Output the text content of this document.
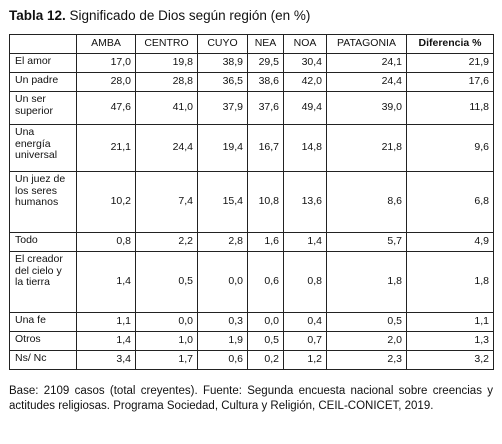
Tabla 12. Significado de Dios según región (en %)
	AMBA	CENTRO	CUYO	NEA	NOA	PATAGONIA	Diferencia %
El amor	17,0	19,8	38,9	29,5	30,4	24,1	21,9
Un padre	28,0	28,8	36,5	38,6	42,0	24,4	17,6
Un ser superior	47,6	41,0	37,9	37,6	49,4	39,0	11,8
Una energía universal	21,1	24,4	19,4	16,7	14,8	21,8	9,6
Un juez de los seres humanos	10,2	7,4	15,4	10,8	13,6	8,6	6,8
Todo	0,8	2,2	2,8	1,6	1,4	5,7	4,9
El creador del cielo y la tierra	1,4	0,5	0,0	0,6	0,8	1,8	1,8
Una fe	1,1	0,0	0,3	0,0	0,4	0,5	1,1
Otros	1,4	1,0	1,9	0,5	0,7	2,0	1,3
Ns/ Nc	3,4	1,7	0,6	0,2	1,2	2,3	3,2
Base: 2109 casos (total creyentes). Fuente: Segunda encuesta nacional sobre creencias y actitudes religiosas. Programa Sociedad, Cultura y Religión, CEIL-CONICET, 2019.
